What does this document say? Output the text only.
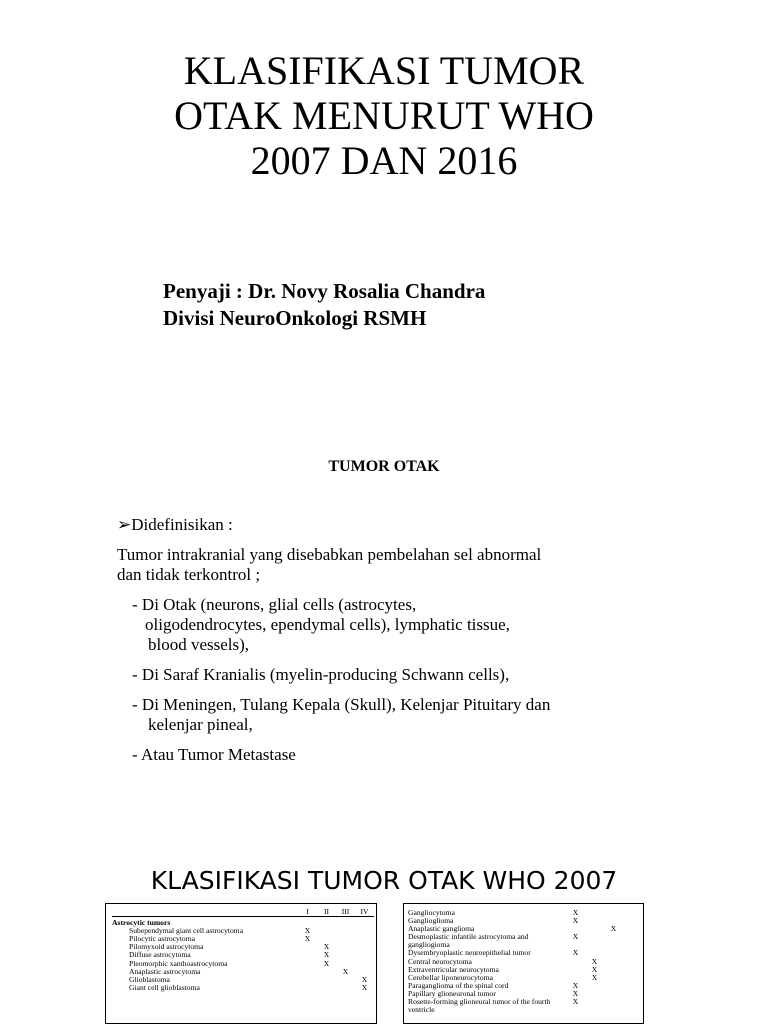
KLASIFIKASI TUMOR
OTAK MENURUT WHO
2007 DAN 2016
Penyaji : Dr. Novy Rosalia Chandra
Divisi NeuroOnkologi RSMH
TUMOR OTAK
➢Didefinisikan :
Tumor intrakranial yang disebabkan pembelahan sel abnormal
dan tidak terkontrol ;
- Di Otak (neurons, glial cells (astrocytes,
oligodendrocytes, ependymal cells), lymphatic tissue,
blood vessels),
- Di Saraf Kranialis (myelin-producing Schwann cells),
- Di Meningen, Tulang Kepala (Skull), Kelenjar Pituitary dan
kelenjar pineal,
- Atau Tumor Metastase
KLASIFIKASI TUMOR OTAK WHO 2007
	I	II	III	IV
Astrocytic tumors				
Subependymal giant cell astrocytoma	X			
Pilocytic astrocytoma	X			
Pilomyxoid astrocytoma		X		
Diffuse astrocytoma		X		
Pleomorphic xanthoastrocytoma		X		
Anaplastic astrocytoma			X	
Glioblastoma				X
Giant cell glioblastoma				X
Gangliocytoma	X			
Ganglioglioma	X			
Anaplastic ganglioma			X	
Desmoplastic infantile astrocytoma and gangliogioma	X			
Dysembryoplastic neuroepithelial tumor	X			
Central neurocytoma		X		
Extraventricular neurocytoma		X		
Cerebellar liponeurocytoma		X		
Paraganglioma of the spinal cord	X			
Papillary glioneuronal tumor	X			
Rosette-forming glioneural tumor of the fourth ventricle	X			
